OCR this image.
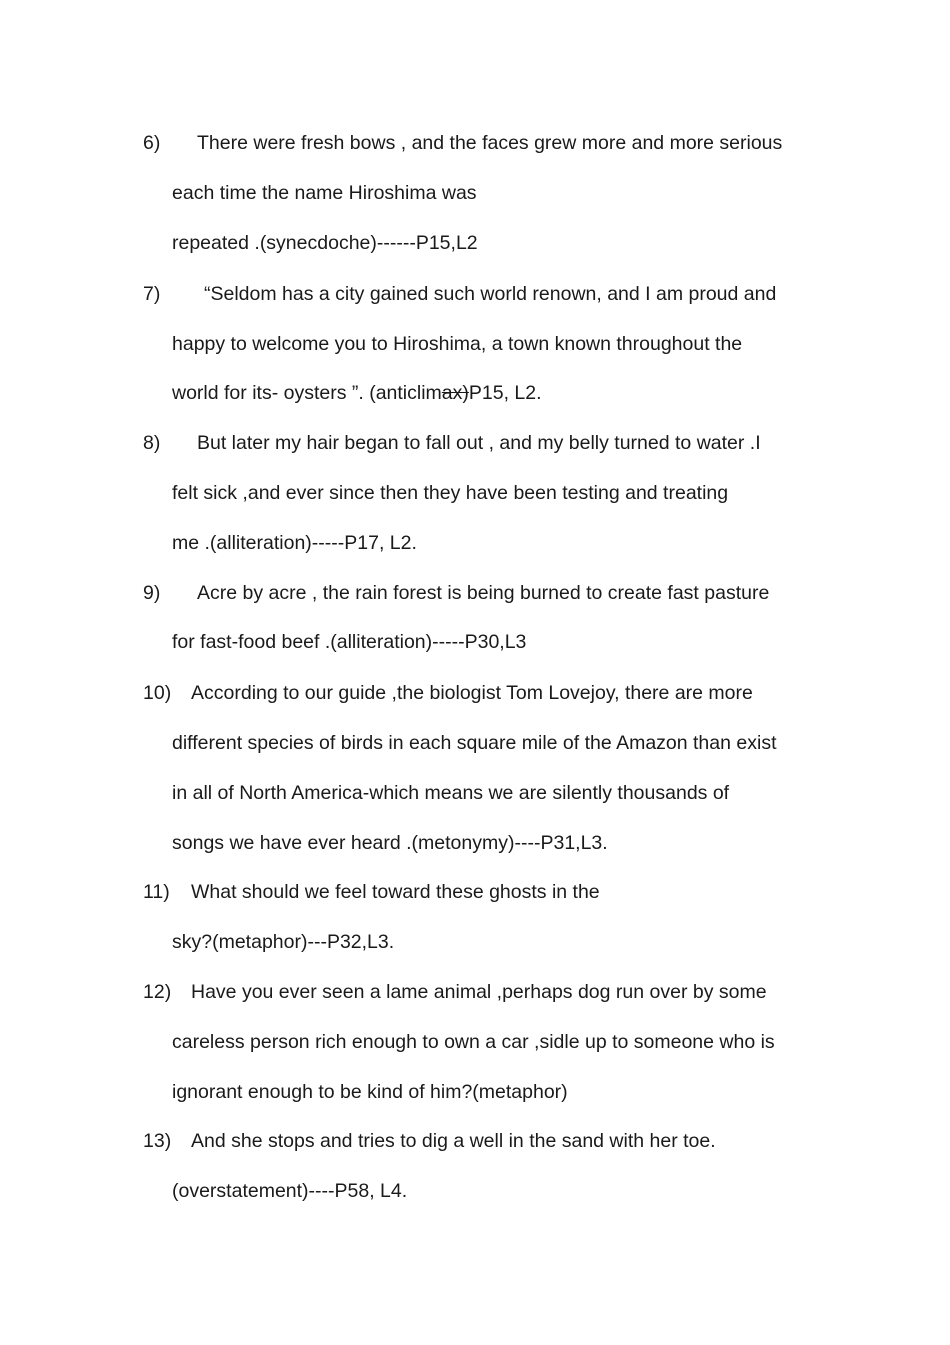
6) There were fresh bows , and the faces grew more and more serious
each time the name Hiroshima was
repeated .(synecdoche)------P15,L2
7) “Seldom has a city gained such world renown, and I am proud and
happy to welcome you to Hiroshima, a town known throughout the
world for its- oysters ”. (anticlimax)P15, L2.
8) But later my hair began to fall out , and my belly turned to water .I
felt sick ,and ever since then they have been testing and treating
me .(alliteration)-----P17, L2.
9) Acre by acre , the rain forest is being burned to create fast pasture
for fast-food beef .(alliteration)-----P30,L3
10) According to our guide ,the biologist Tom Lovejoy, there are more
different species of birds in each square mile of the Amazon than exist
in all of North America-which means we are silently thousands of
songs we have ever heard .(metonymy)----P31,L3.
11) What should we feel toward these ghosts in the
sky?(metaphor)---P32,L3.
12) Have you ever seen a lame animal ,perhaps dog run over by some
careless person rich enough to own a car ,sidle up to someone who is
ignorant enough to be kind of him?(metaphor)
13) And she stops and tries to dig a well in the sand with her toe.
(overstatement)----P58, L4.
